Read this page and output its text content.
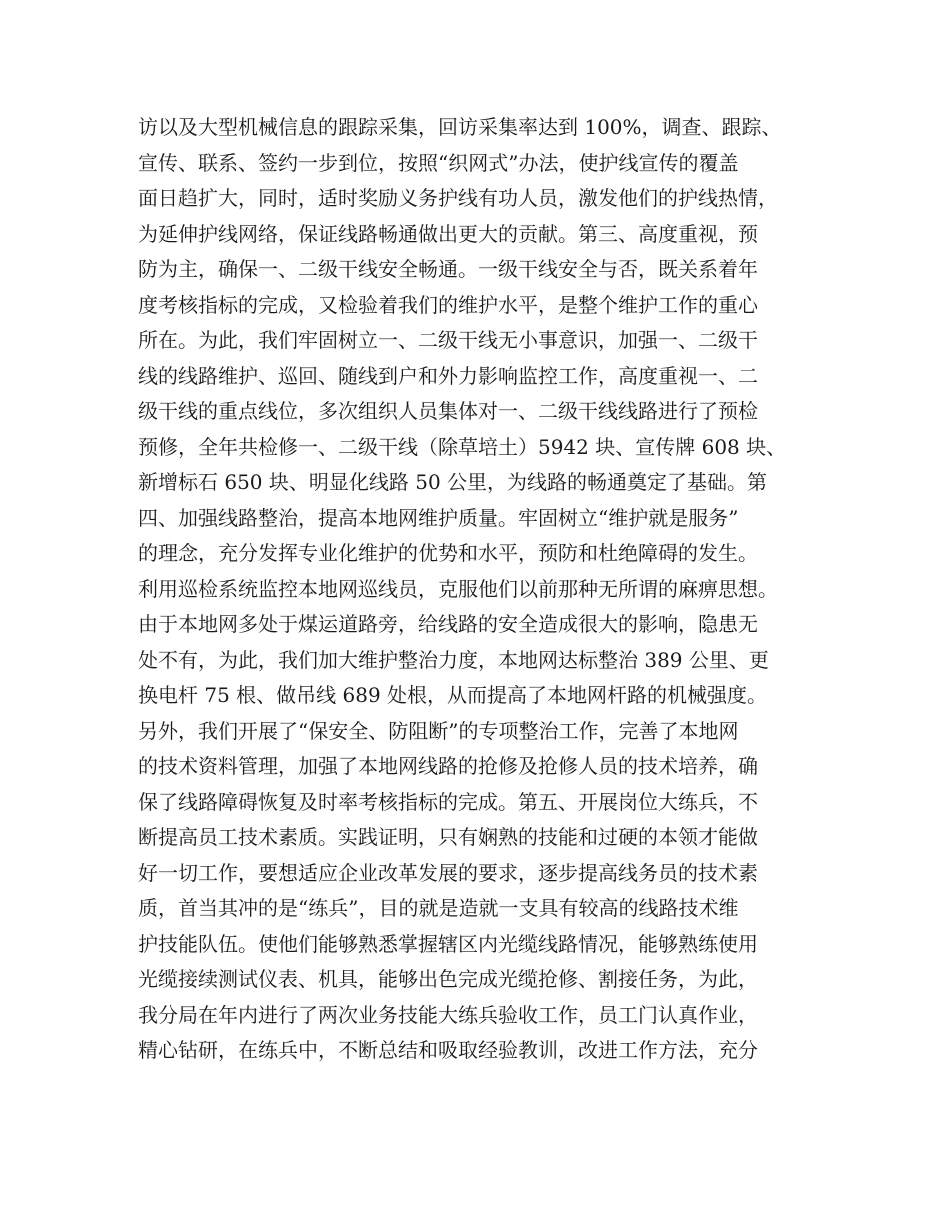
访以及大型机械信息的跟踪采集，回访采集率达到 100%，调查、跟踪、
宣传、联系、签约一步到位，按照“织网式”办法，使护线宣传的覆盖
面日趋扩大，同时，适时奖励义务护线有功人员，激发他们的护线热情，
为延伸护线网络，保证线路畅通做出更大的贡献。第三、高度重视，预
防为主，确保一、二级干线安全畅通。一级干线安全与否，既关系着年
度考核指标的完成，又检验着我们的维护水平，是整个维护工作的重心
所在。为此，我们牢固树立一、二级干线无小事意识，加强一、二级干
线的线路维护、巡回、随线到户和外力影响监控工作，高度重视一、二
级干线的重点线位，多次组织人员集体对一、二级干线线路进行了预检
预修，全年共检修一、二级干线（除草培土）5942 块、宣传牌 608 块、
新增标石 650 块、明显化线路 50 公里，为线路的畅通奠定了基础。第
四、加强线路整治，提高本地网维护质量。牢固树立“维护就是服务”
的理念，充分发挥专业化维护的优势和水平，预防和杜绝障碍的发生。
利用巡检系统监控本地网巡线员，克服他们以前那种无所谓的麻痹思想。
由于本地网多处于煤运道路旁，给线路的安全造成很大的影响，隐患无
处不有，为此，我们加大维护整治力度，本地网达标整治 389 公里、更
换电杆 75 根、做吊线 689 处根，从而提高了本地网杆路的机械强度。
另外，我们开展了“保安全、防阻断”的专项整治工作，完善了本地网
的技术资料管理，加强了本地网线路的抢修及抢修人员的技术培养，确
保了线路障碍恢复及时率考核指标的完成。第五、开展岗位大练兵，不
断提高员工技术素质。实践证明，只有娴熟的技能和过硬的本领才能做
好一切工作，要想适应企业改革发展的要求，逐步提高线务员的技术素
质，首当其冲的是“练兵”，目的就是造就一支具有较高的线路技术维
护技能队伍。使他们能够熟悉掌握辖区内光缆线路情况，能够熟练使用
光缆接续测试仪表、机具，能够出色完成光缆抢修、割接任务，为此，
我分局在年内进行了两次业务技能大练兵验收工作，员工门认真作业，
精心钻研，在练兵中，不断总结和吸取经验教训，改进工作方法，充分
